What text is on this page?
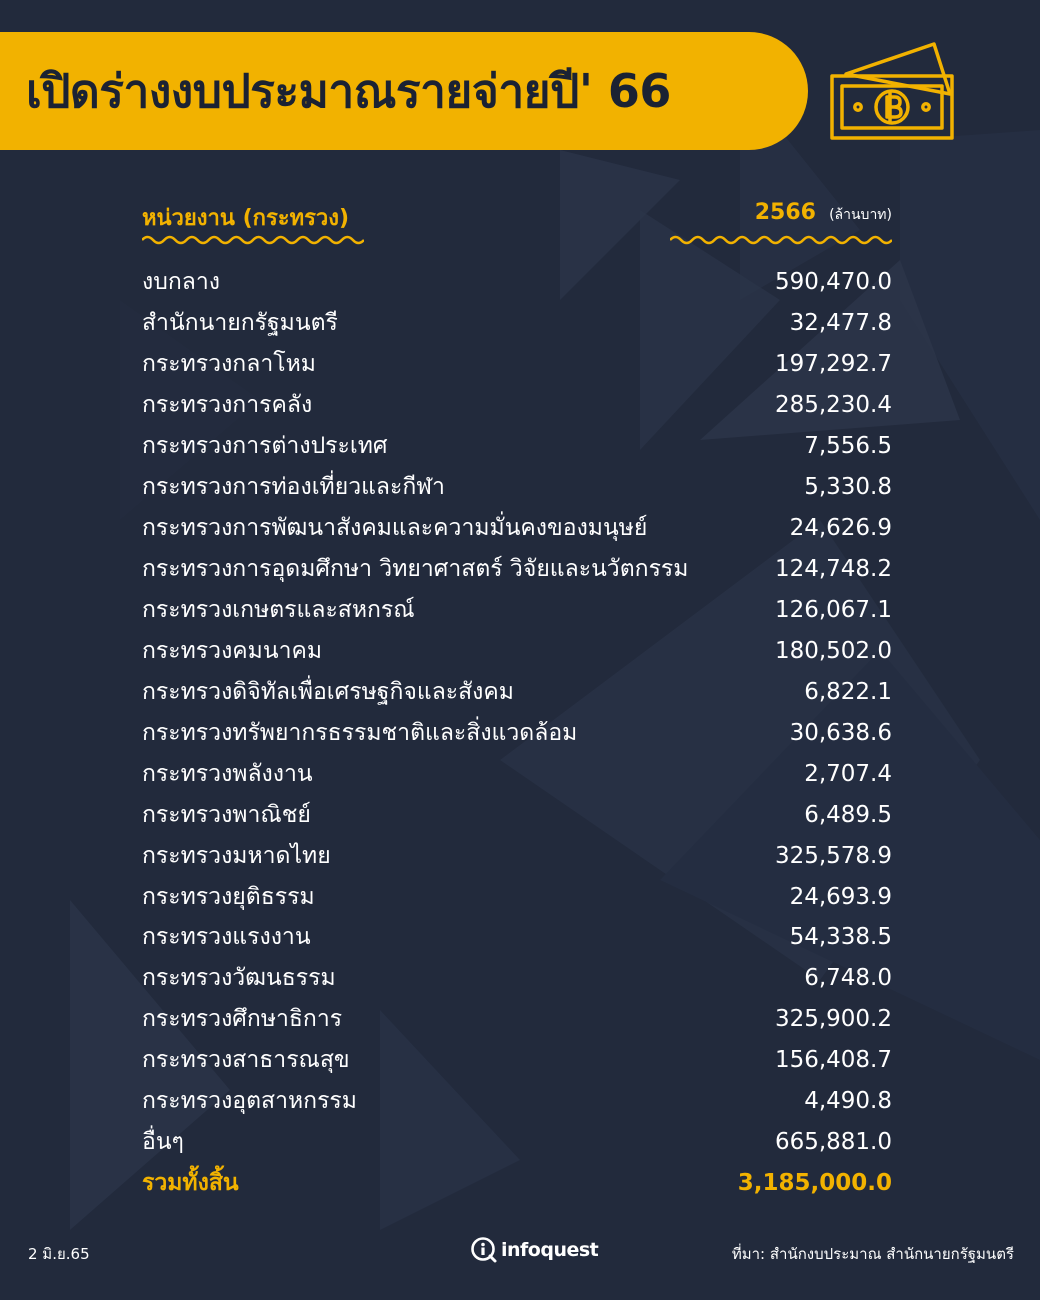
เปิดร่างงบประมาณรายจ่ายปี' 66
หน่วยงาน (กระทรวง)	2566 (ล้านบาท)
งบกลาง	590,470.0
สำนักนายกรัฐมนตรี	32,477.8
กระทรวงกลาโหม	197,292.7
กระทรวงการคลัง	285,230.4
กระทรวงการต่างประเทศ	7,556.5
กระทรวงการท่องเที่ยวและกีฬา	5,330.8
กระทรวงการพัฒนาสังคมและความมั่นคงของมนุษย์	24,626.9
กระทรวงการอุดมศึกษา วิทยาศาสตร์ วิจัยและนวัตกรรม	124,748.2
กระทรวงเกษตรและสหกรณ์	126,067.1
กระทรวงคมนาคม	180,502.0
กระทรวงดิจิทัลเพื่อเศรษฐกิจและสังคม	6,822.1
กระทรวงทรัพยากรธรรมชาติและสิ่งแวดล้อม	30,638.6
กระทรวงพลังงาน	2,707.4
กระทรวงพาณิชย์	6,489.5
กระทรวงมหาดไทย	325,578.9
กระทรวงยุติธรรม	24,693.9
กระทรวงแรงงาน	54,338.5
กระทรวงวัฒนธรรม	6,748.0
กระทรวงศึกษาธิการ	325,900.2
กระทรวงสาธารณสุข	156,408.7
กระทรวงอุตสาหกรรม	4,490.8
อื่นๆ	665,881.0
รวมทั้งสิ้น	3,185,000.0
2 มิ.ย.65	infoquest	ที่มา: สำนักงบประมาณ สำนักนายกรัฐมนตรี
